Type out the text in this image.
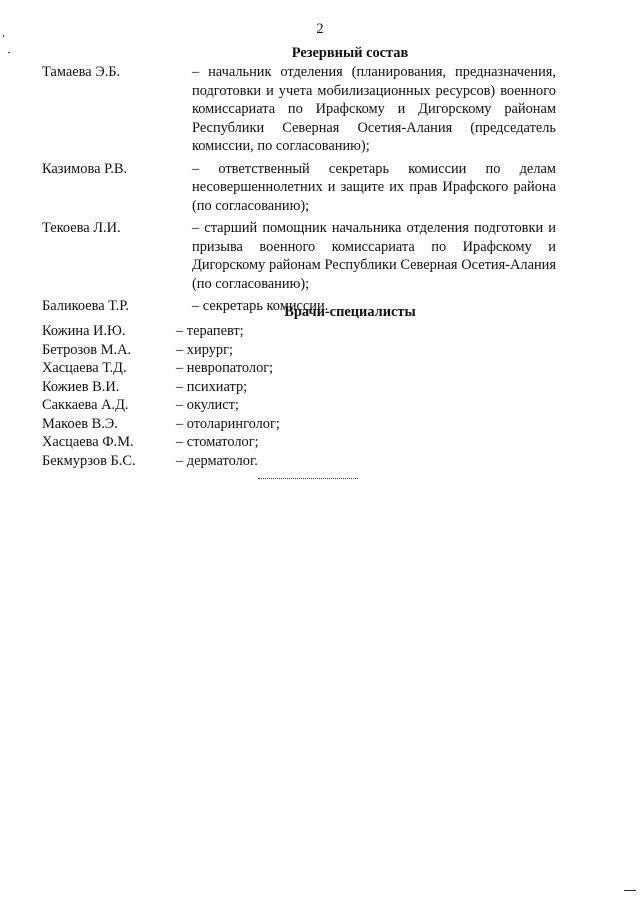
2
Резервный состав
Тамаева Э.Б.	– начальник отделения (планирования, предназначения, подготовки и учета мобилизационных ресурсов) военного комиссариата по Ирафскому и Дигорскому районам Республики Северная Осетия-Алания (председатель комиссии, по согласованию);
Казимова Р.В.	– ответственный секретарь комиссии по делам несовершеннолетних и защите их прав Ирафского района (по согласованию);
Текоева Л.И.	– старший помощник начальника отделения подготовки и призыва военного комиссариата по Ирафскому и Дигорскому районам Республики Северная Осетия-Алания (по согласованию);
Баликоева Т.Р.	– секретарь комиссии.
Врачи-специалисты
Кожина И.Ю.	– терапевт;
Бетрозов М.А.	– хирург;
Хасцаева Т.Д.	– невропатолог;
Кожиев В.И.	– психиатр;
Саккаева А.Д.	– окулист;
Макоев В.Э.	– отоларинголог;
Хасцаева Ф.М.	– стоматолог;
Бекмурзов Б.С.	– дерматолог.
